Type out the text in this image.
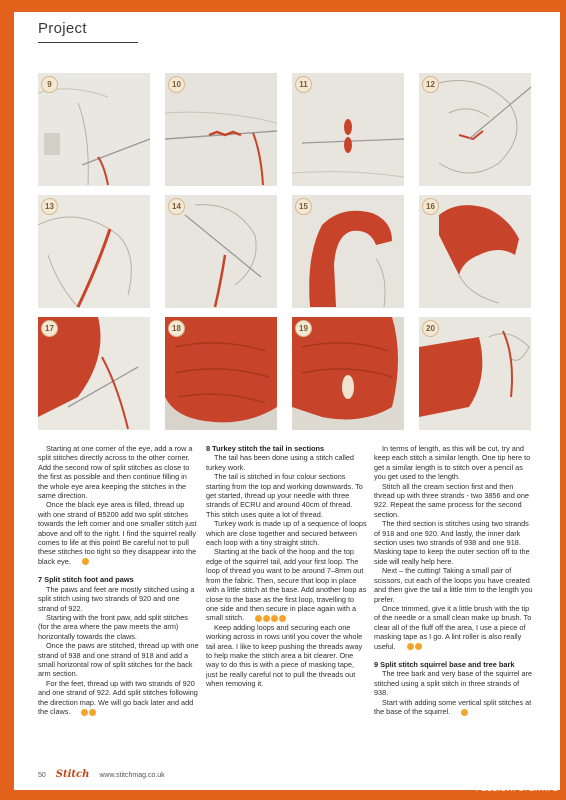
Project
9	10	11	12
13	14	15	16
17	18	19	20

Starting at one corner of the eye, add a row a split stitches directly across to the other corner. Add the second row of split stitches as close to the first as possible and then continue filling in the whole eye area keeping the stitches in the same direction.

Once the black eye area is filled, thread up with one strand of B5200 add two split stitches towards the left corner and one smaller stitch just above and off to the right. I find the squirrel really comes to life at this point! Be careful not to pull these stitches too tight so they disappear into the black eye.	10

7 Split stitch foot and paws

The paws and feet are mostly stitched using a split stitch using two strands of 920 and one strand of 922.

Starting with the front paw, add split stitches (for the area where the paw meets the arm) horizontally towards the claws.

Once the paws are stitched, thread up with one strand of 938 and one strand of 918 and add a small horizontal row of split stitches for the back arm section.

For the feet, thread up with two strands of 920 and one strand of 922. Add split stitches following the direction map. We will go back later and add the claws.	12

8 Turkey stitch the tail in sections

The tail has been done using a stitch called turkey work.

The tail is stitched in four colour sections starting from the top and working downwards. To get started, thread up your needle with three strands of ECRU and around 40cm of thread. This stitch uses quite a lot of thread.

Turkey work is made up of a sequence of loops which are close together and secured between each loop with a tiny straight stitch.

Starting at the back of the hoop and the top edge of the squirrel tail, add your first loop. The loop of thread you want to be around 7–8mm out from the fabric. Then, secure that loop in place with a little stitch at the base. Add another loop as close to the base as the first loop, travelling to one side and then secure in place again with a small stitch.	16

Keep adding loops and securing each one working across in rows until you cover the whole tail area. I like to keep pushing the threads away to help make the stitch area a bit clearer. One way to do this is with a piece of masking tape, just be really careful not to pull the threads out when removing it.

In terms of length, as this will be cut, try and keep each stitch a similar length. One tip here to get a similar length is to stitch over a pencil as you get used to the length.

Stitch all the cream section first and then thread up with three strands - two 3856 and one 922. Repeat the same process for the second section.

The third section is stitches using two strands of 918 and one 920. And lastly, the inner dark section uses two strands of 938 and one 918. Masking tape to keep the outer section off to the side will really help here.

Next – the cutting! Taking a small pair of scissors, cut each of the loops you have created and then give the tail a little trim to the length you prefer.

Once trimmed, give it a little brush with the tip of the needle or a small clean make up brush. To clear all of the fluff off the area, I use a piece of masking tape as I go. A lint roller is also really useful.	19

9 Split stitch squirrel base and tree bark

The tree bark and very base of the squirrel are stitched using a split stitch in three strands of 938.

Start with adding some vertical split stitches at the base of the squirrel.	20

50 Stitch www.stitchmag.co.uk
PassionForum.ru
